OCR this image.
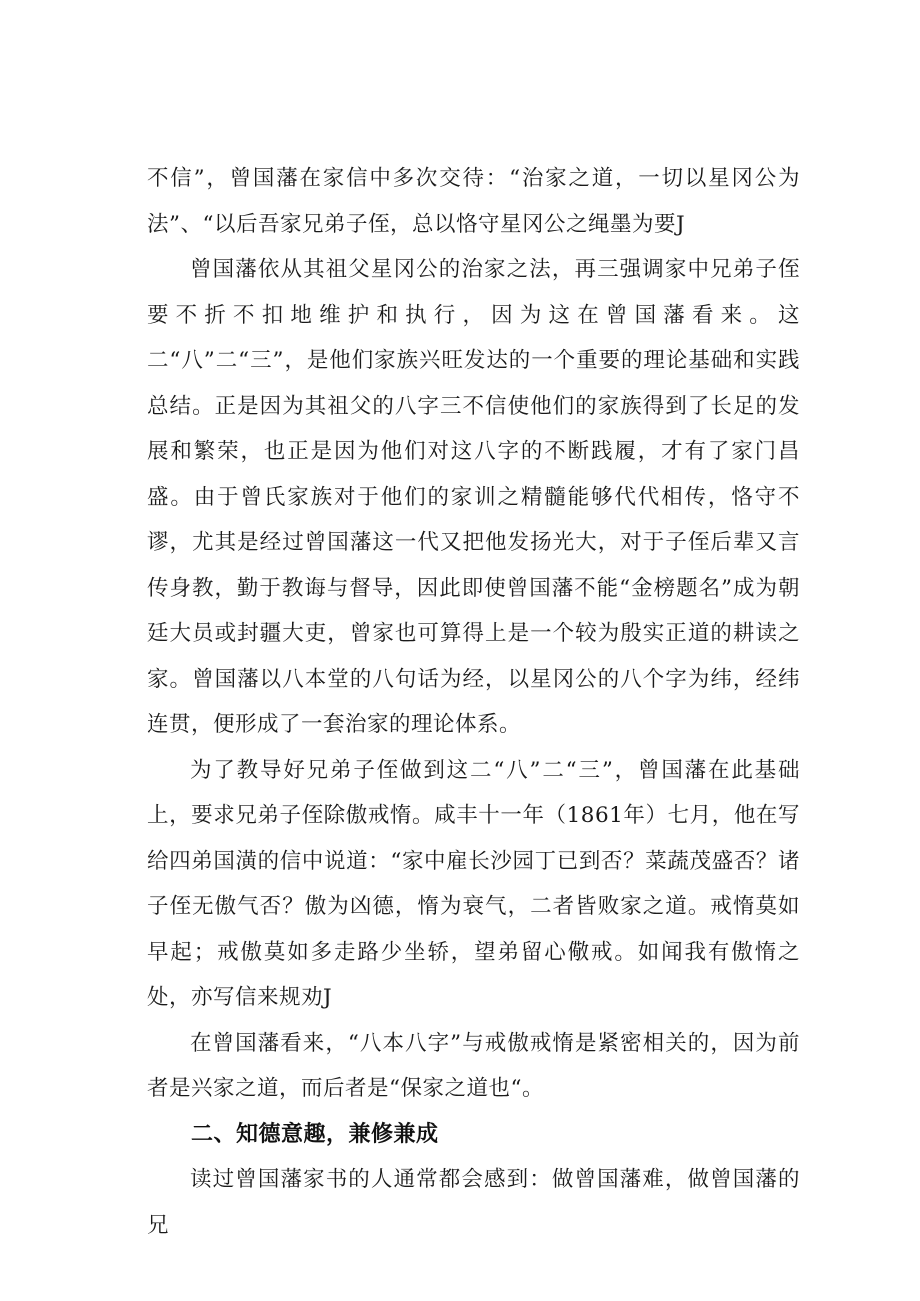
不信”，曾国藩在家信中多次交待：“治家之道，一切以星冈公为法”、“以后吾家兄弟子侄，总以恪守星冈公之绳墨为要J

曾国藩依从其祖父星冈公的治家之法，再三强调家中兄弟子侄要不折不扣地维护和执行，因为这在曾国藩看来。这二“八”二“三”，是他们家族兴旺发达的一个重要的理论基础和实践总结。正是因为其祖父的八字三不信使他们的家族得到了长足的发展和繁荣，也正是因为他们对这八字的不断践履，才有了家门昌盛。由于曾氏家族对于他们的家训之精髓能够代代相传，恪守不谬，尤其是经过曾国藩这一代又把他发扬光大，对于子侄后辈又言传身教，勤于教诲与督导，因此即使曾国藩不能“金榜题名”成为朝廷大员或封疆大吏，曾家也可算得上是一个较为殷实正道的耕读之家。曾国藩以八本堂的八句话为经，以星冈公的八个字为纬，经纬连贯，便形成了一套治家的理论体系。

为了教导好兄弟子侄做到这二“八”二“三”，曾国藩在此基础上，要求兄弟子侄除傲戒惰。咸丰十一年（1861年）七月，他在写给四弟国潢的信中说道：“家中雇长沙园丁已到否？菜蔬茂盛否？诸子侄无傲气否？傲为凶德，惰为衰气，二者皆败家之道。戒惰莫如早起；戒傲莫如多走路少坐轿，望弟留心儆戒。如闻我有傲惰之处，亦写信来规劝J

在曾国藩看来，“八本八字”与戒傲戒惰是紧密相关的，因为前者是兴家之道，而后者是“保家之道也“。

二、知德意趣，兼修兼成

读过曾国藩家书的人通常都会感到：做曾国藩难，做曾国藩的兄
